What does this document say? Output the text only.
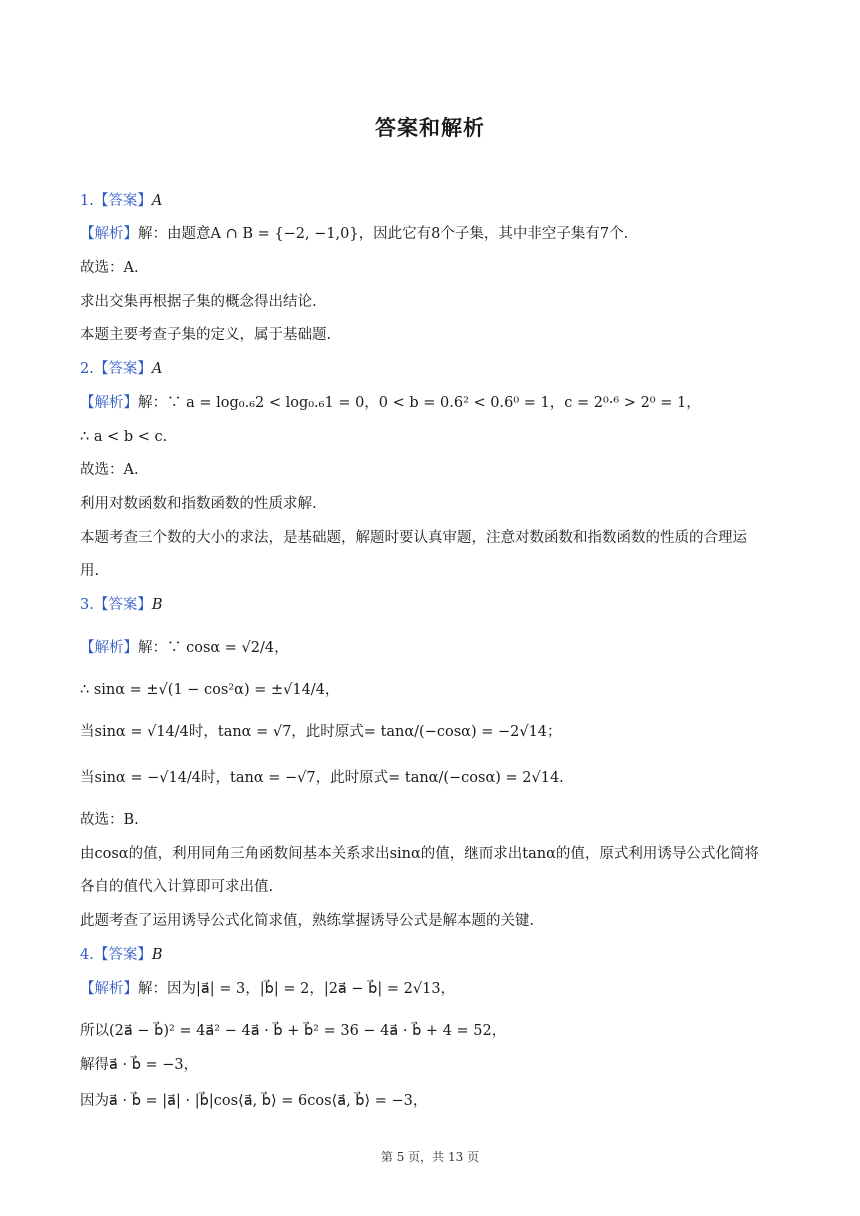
答案和解析
1.【答案】A
【解析】解：由题意A ∩ B = {−2, −1,0}，因此它有8个子集，其中非空子集有7个.
故选：A.
求出交集再根据子集的概念得出结论.
本题主要考查子集的定义，属于基础题.
2.【答案】A
【解析】解：∵ a = log₀.₆2 < log₀.₆1 = 0，0 < b = 0.6² < 0.6⁰ = 1，c = 2⁰·⁶ > 2⁰ = 1，
∴ a < b < c.
故选：A.
利用对数函数和指数函数的性质求解.
本题考查三个数的大小的求法，是基础题，解题时要认真审题，注意对数函数和指数函数的性质的合理运
用.
3.【答案】B
【解析】解：∵ cosα = √2/4，
∴ sinα = ±√(1 − cos²α) = ±√14/4，
当sinα = √14/4时，tanα = √7，此时原式= tanα/(−cosα) = −2√14；
当sinα = −√14/4时，tanα = −√7，此时原式= tanα/(−cosα) = 2√14.
故选：B.
由cosα的值，利用同角三角函数间基本关系求出sinα的值，继而求出tanα的值，原式利用诱导公式化简将
各自的值代入计算即可求出值.
此题考查了运用诱导公式化简求值，熟练掌握诱导公式是解本题的关键.
4.【答案】B
【解析】解：因为|a⃗| = 3，|b⃗| = 2，|2a⃗ − b⃗| = 2√13，
所以(2a⃗ − b⃗)² = 4a⃗² − 4a⃗ · b⃗ + b⃗² = 36 − 4a⃗ · b⃗ + 4 = 52，
解得a⃗ · b⃗ = −3，
因为a⃗ · b⃗ = |a⃗| · |b⃗|cos⟨a⃗, b⃗⟩ = 6cos⟨a⃗, b⃗⟩ = −3，
第 5 页，共 13 页
